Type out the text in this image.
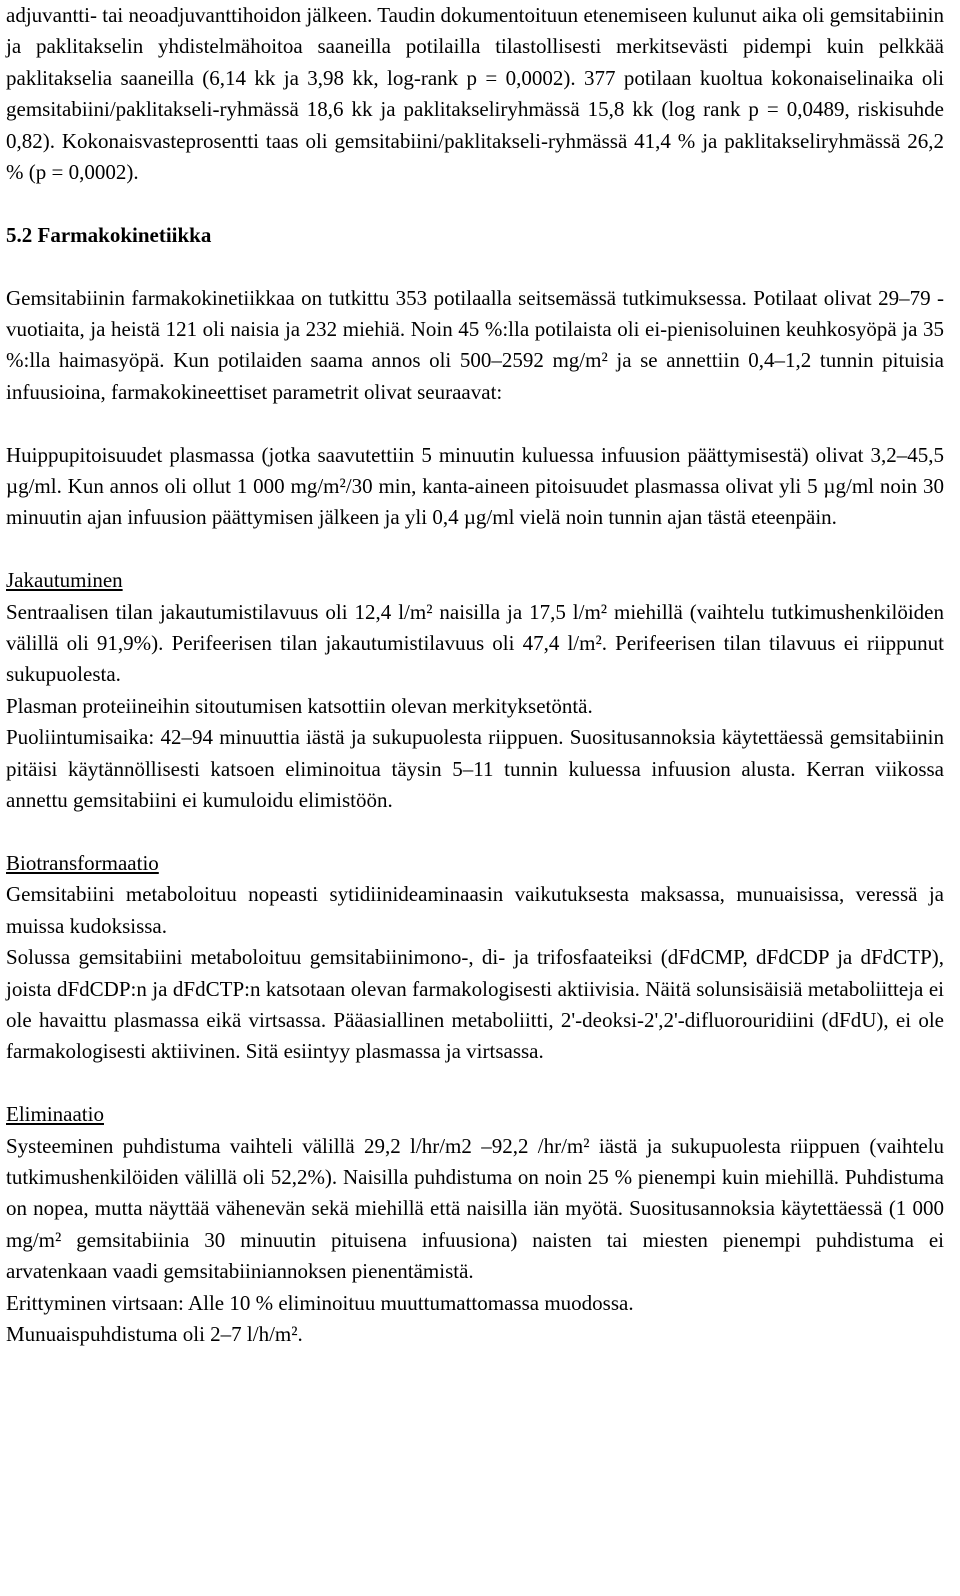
adjuvantti- tai neoadjuvanttihoidon jälkeen. Taudin dokumentoituun etenemiseen kulunut aika oli gemsitabiinin ja paklitakselin yhdistelmähoitoa saaneilla potilailla tilastollisesti merkitsevästi pidempi kuin pelkkää paklitakselia saaneilla (6,14 kk ja 3,98 kk, log-rank p = 0,0002). 377 potilaan kuoltua kokonaiselinaika oli gemsitabiini/paklitakseli-ryhmässä 18,6 kk ja paklitakseliryhmässä 15,8 kk (log rank p = 0,0489, riskisuhde 0,82). Kokonaisvasteprosentti taas oli gemsitabiini/paklitakseli-ryhmässä 41,4 % ja paklitakseliryhmässä 26,2 % (p = 0,0002).

5.2 Farmakokinetiikka

Gemsitabiinin farmakokinetiikkaa on tutkittu 353 potilaalla seitsemässä tutkimuksessa. Potilaat olivat 29–79 -vuotiaita, ja heistä 121 oli naisia ja 232 miehiä. Noin 45 %:lla potilaista oli ei-pienisoluinen keuhkosyöpä ja 35 %:lla haimasyöpä. Kun potilaiden saama annos oli 500–2592 mg/m² ja se annettiin 0,4–1,2 tunnin pituisia infuusioina, farmakokineettiset parametrit olivat seuraavat:

Huippupitoisuudet plasmassa (jotka saavutettiin 5 minuutin kuluessa infuusion päättymisestä) olivat 3,2–45,5 µg/ml. Kun annos oli ollut 1 000 mg/m²/30 min, kanta-aineen pitoisuudet plasmassa olivat yli 5 µg/ml noin 30 minuutin ajan infuusion päättymisen jälkeen ja yli 0,4 µg/ml vielä noin tunnin ajan tästä eteenpäin.

Jakautuminen

Sentraalisen tilan jakautumistilavuus oli 12,4 l/m² naisilla ja 17,5 l/m² miehillä (vaihtelu tutkimushenkilöiden välillä oli 91,9%). Perifeerisen tilan jakautumistilavuus oli 47,4 l/m². Perifeerisen tilan tilavuus ei riippunut sukupuolesta.

Plasman proteiineihin sitoutumisen katsottiin olevan merkityksetöntä.

Puoliintumisaika: 42–94 minuuttia iästä ja sukupuolesta riippuen. Suositusannoksia käytettäessä gemsitabiinin pitäisi käytännöllisesti katsoen eliminoitua täysin 5–11 tunnin kuluessa infuusion alusta. Kerran viikossa annettu gemsitabiini ei kumuloidu elimistöön.

Biotransformaatio

Gemsitabiini metaboloituu nopeasti sytidiinideaminaasin vaikutuksesta maksassa, munuaisissa, veressä ja muissa kudoksissa.

Solussa gemsitabiini metaboloituu gemsitabiinimono-, di- ja trifosfaateiksi (dFdCMP, dFdCDP ja dFdCTP), joista dFdCDP:n ja dFdCTP:n katsotaan olevan farmakologisesti aktiivisia. Näitä solunsisäisiä metaboliitteja ei ole havaittu plasmassa eikä virtsassa. Pääasiallinen metaboliitti, 2'-deoksi-2',2'-difluorouridiini (dFdU), ei ole farmakologisesti aktiivinen. Sitä esiintyy plasmassa ja virtsassa.

Eliminaatio

Systeeminen puhdistuma vaihteli välillä 29,2 l/hr/m2 –92,2 /hr/m² iästä ja sukupuolesta riippuen (vaihtelu tutkimushenkilöiden välillä oli 52,2%). Naisilla puhdistuma on noin 25 % pienempi kuin miehillä. Puhdistuma on nopea, mutta näyttää vähenevän sekä miehillä että naisilla iän myötä. Suositusannoksia käytettäessä (1 000 mg/m² gemsitabiinia 30 minuutin pituisena infuusiona) naisten tai miesten pienempi puhdistuma ei arvatenkaan vaadi gemsitabiiniannoksen pienentämistä.

Erittyminen virtsaan: Alle 10 % eliminoituu muuttumattomassa muodossa.

Munuaispuhdistuma oli 2–7 l/h/m².
